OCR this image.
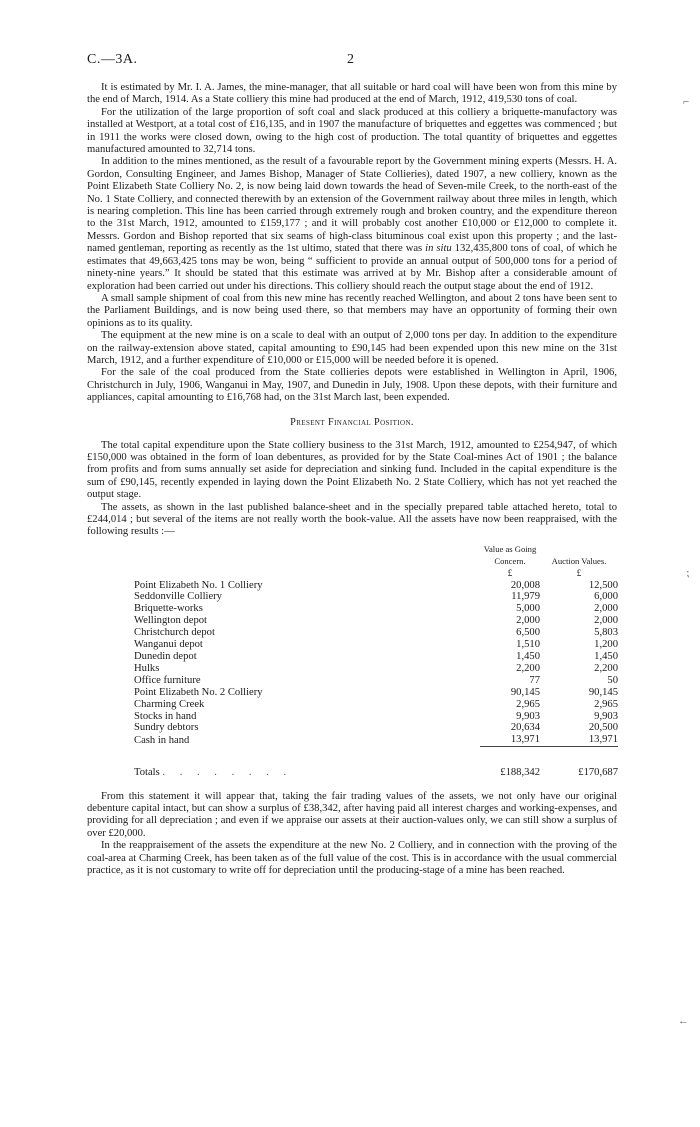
C.—3A.	2
⌐
⁏
←

It is estimated by Mr. I. A. James, the mine-manager, that all suitable or hard coal will have been won from this mine by the end of March, 1914. As a State colliery this mine had produced at the end of March, 1912, 419,530 tons of coal.

For the utilization of the large proportion of soft coal and slack produced at this colliery a briquette-manufactory was installed at Westport, at a total cost of £16,135, and in 1907 the manufacture of briquettes and eggettes was commenced ; but in 1911 the works were closed down, owing to the high cost of production. The total quantity of briquettes and eggettes manufactured amounted to 32,714 tons.

In addition to the mines mentioned, as the result of a favourable report by the Government mining experts (Messrs. H. A. Gordon, Consulting Engineer, and James Bishop, Manager of State Collieries), dated 1907, a new colliery, known as the Point Elizabeth State Colliery No. 2, is now being laid down towards the head of Seven-mile Creek, to the north-east of the No. 1 State Colliery, and connected therewith by an extension of the Government railway about three miles in length, which is nearing completion. This line has been carried through extremely rough and broken country, and the expenditure thereon to the 31st March, 1912, amounted to £159,177 ; and it will probably cost another £10,000 or £12,000 to complete it. Messrs. Gordon and Bishop reported that six seams of high-class bituminous coal exist upon this property ; and the last-named gentleman, reporting as recently as the 1st ultimo, stated that there was in situ 132,435,800 tons of coal, of which he estimates that 49,663,425 tons may be won, being “ sufficient to provide an annual output of 500,000 tons for a period of ninety-nine years.” It should be stated that this estimate was arrived at by Mr. Bishop after a considerable amount of exploration had been carried out under his directions. This colliery should reach the output stage about the end of 1912.

A small sample shipment of coal from this new mine has recently reached Wellington, and about 2 tons have been sent to the Parliament Buildings, and is now being used there, so that members may have an opportunity of forming their own opinions as to its quality.

The equipment at the new mine is on a scale to deal with an output of 2,000 tons per day. In addition to the expenditure on the railway-extension above stated, capital amounting to £90,145 had been expended upon this new mine on the 31st March, 1912, and a further expenditure of £10,000 or £15,000 will be needed before it is opened.

For the sale of the coal produced from the State collieries depots were established in Wellington in April, 1906, Christchurch in July, 1906, Wanganui in May, 1907, and Dunedin in July, 1908. Upon these depots, with their furniture and appliances, capital amounting to £16,768 had, on the 31st March last, been expended.

Present Financial Position.

The total capital expenditure upon the State colliery business to the 31st March, 1912, amounted to £254,947, of which £150,000 was obtained in the form of loan debentures, as provided for by the State Coal-mines Act of 1901 ; the balance from profits and from sums annually set aside for depreciation and sinking fund. Included in the capital expenditure is the sum of £90,145, recently expended in laying down the Point Elizabeth No. 2 State Colliery, which has not yet reached the output stage.

The assets, as shown in the last published balance-sheet and in the specially prepared table attached hereto, total to £244,014 ; but several of the items are not really worth the book-value. All the assets have now been reappraised, with the following results :—

	Value as Going Concern.	Auction Values.
	£	£
Point Elizabeth No. 1 Colliery	20,008	12,500
Seddonville Colliery	11,979	6,000
Briquette-works	5,000	2,000
Wellington depot	2,000	2,000
Christchurch depot	6,500	5,803
Wanganui depot	1,510	1,200
Dunedin depot	1,450	1,450
Hulks	2,200	2,200
Office furniture	77	50
Point Elizabeth No. 2 Colliery	90,145	90,145
Charming Creek	2,965	2,965
Stocks in hand	9,903	9,903
Sundry debtors	20,634	20,500
Cash in hand	13,971	13,971

Totals . . . . . . . .	£188,342	£170,687

From this statement it will appear that, taking the fair trading values of the assets, we not only have our original debenture capital intact, but can show a surplus of £38,342, after having paid all interest charges and working-expenses, and providing for all depreciation ; and even if we appraise our assets at their auction-values only, we can still show a surplus of over £20,000.

In the reappraisement of the assets the expenditure at the new No. 2 Colliery, and in connection with the proving of the coal-area at Charming Creek, has been taken as of the full value of the cost. This is in accordance with the usual commercial practice, as it is not customary to write off for depreciation until the producing-stage of a mine has been reached.
